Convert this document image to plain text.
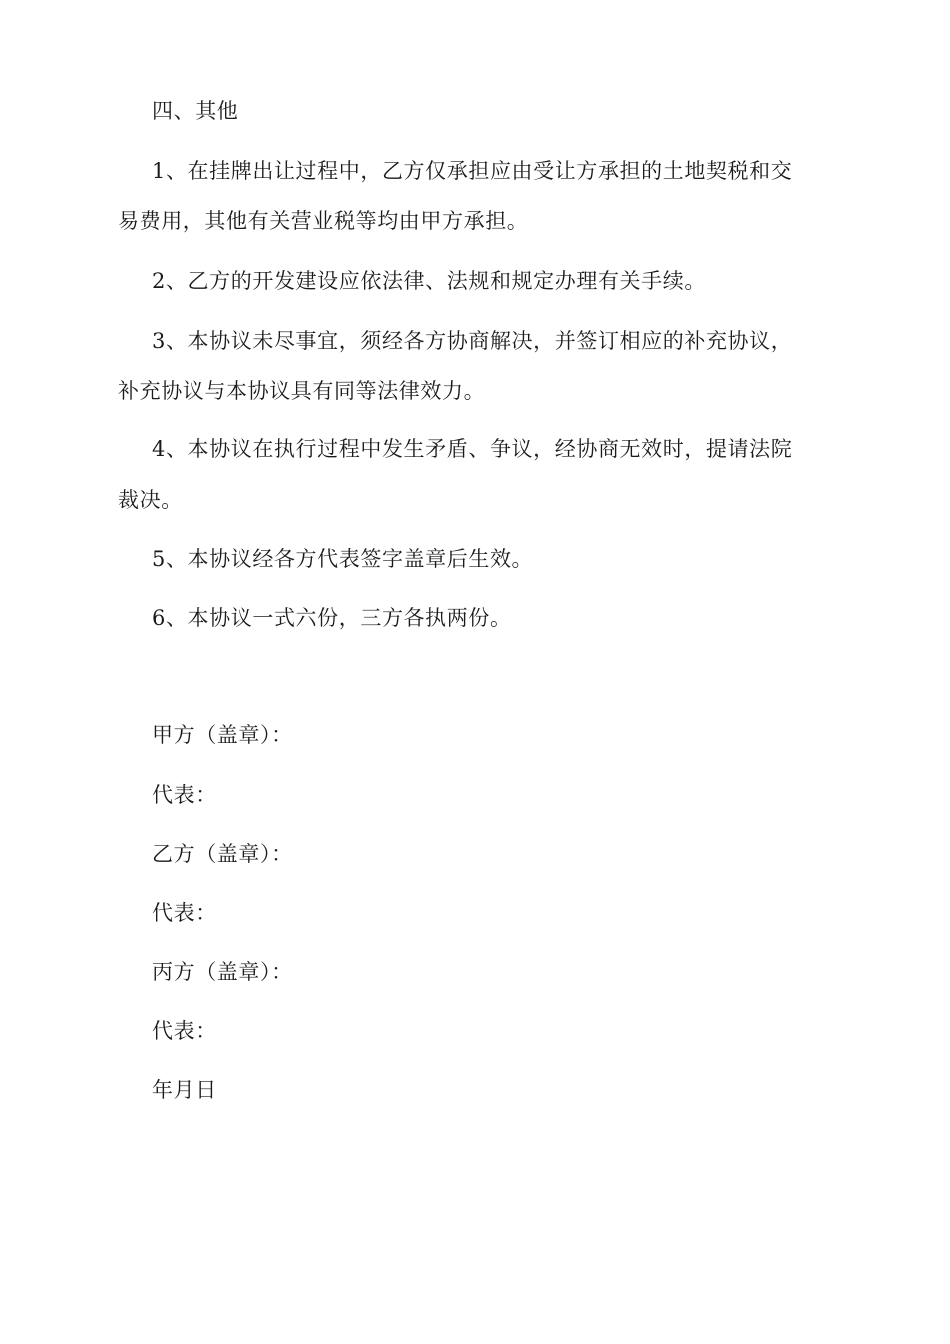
四、其他
1、在挂牌出让过程中，乙方仅承担应由受让方承担的土地契税和交
易费用，其他有关营业税等均由甲方承担。
2、乙方的开发建设应依法律、法规和规定办理有关手续。
3、本协议未尽事宜，须经各方协商解决，并签订相应的补充协议，
补充协议与本协议具有同等法律效力。
4、本协议在执行过程中发生矛盾、争议，经协商无效时，提请法院
裁决。
5、本协议经各方代表签字盖章后生效。
6、本协议一式六份，三方各执两份。
甲方（盖章）：
代表：
乙方（盖章）：
代表：
丙方（盖章）：
代表：
年月日
